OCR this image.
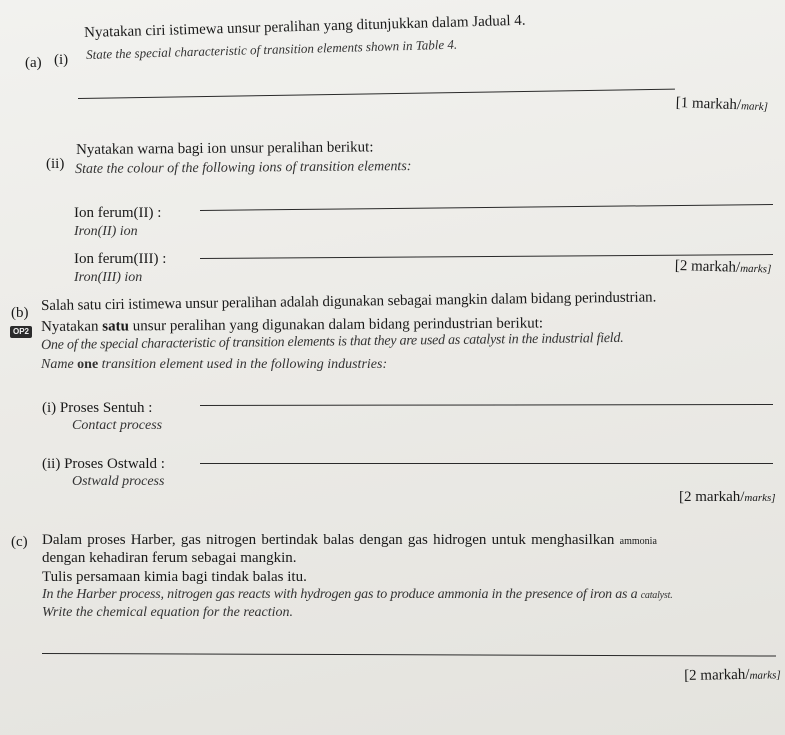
(a) (i)
Nyatakan ciri istimewa unsur peralihan yang ditunjukkan dalam Jadual 4.
State the special characteristic of transition elements shown in Table 4.
[1 markah/mark]
(ii)
Nyatakan warna bagi ion unsur peralihan berikut:
State the colour of the following ions of transition elements:
Ion ferum(II) :
Iron(II) ion
Ion ferum(III) :
Iron(III) ion
[2 markah/marks]
(b) Salah satu ciri istimewa unsur peralihan adalah digunakan sebagai mangkin dalam bidang perindustrian.
OP2 Nyatakan satu unsur peralihan yang digunakan dalam bidang perindustrian berikut:
One of the special characteristic of transition elements is that they are used as catalyst in the industrial field.
Name one transition element used in the following industries:
(i) Proses Sentuh :
Contact process
(ii) Proses Ostwald :
Ostwald process
[2 markah/marks]
(c) Dalam proses Harber, gas nitrogen bertindak balas dengan gas hidrogen untuk menghasilkan ammonia
dengan kehadiran ferum sebagai mangkin.
Tulis persamaan kimia bagi tindak balas itu.
In the Harber process, nitrogen gas reacts with hydrogen gas to produce ammonia in the presence of iron as a catalyst.
Write the chemical equation for the reaction.
[2 markah/marks]
